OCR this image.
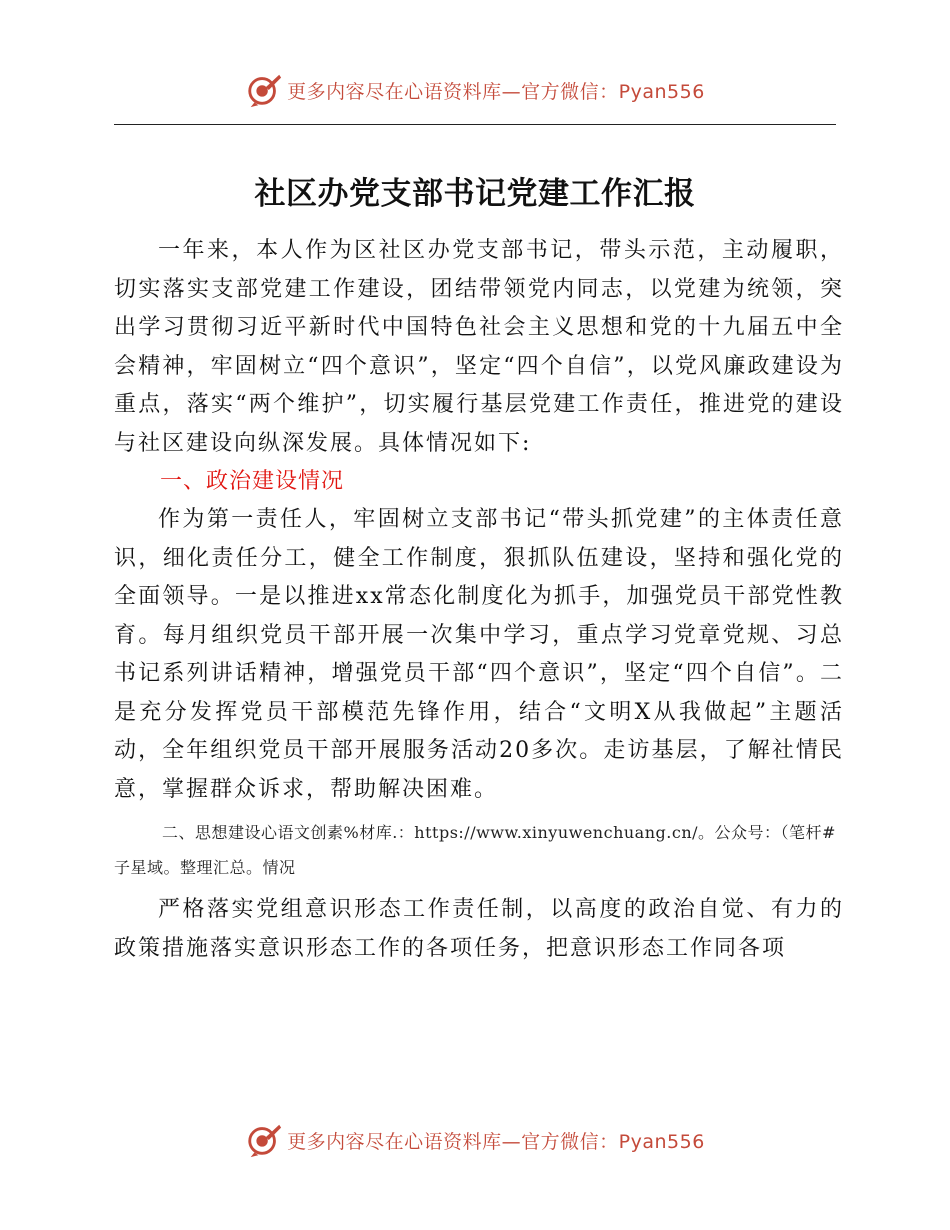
更多内容尽在心语资料库—官方微信：Pyan556
社区办党支部书记党建工作汇报

一年来，本人作为区社区办党支部书记，带头示范，主动履职，切实落实支部党建工作建设，团结带领党内同志，以党建为统领，突出学习贯彻习近平新时代中国特色社会主义思想和党的十九届五中全会精神，牢固树立“四个意识”，坚定“四个自信”，以党风廉政建设为重点，落实“两个维护”，切实履行基层党建工作责任，推进党的建设与社区建设向纵深发展。具体情况如下:

一、政治建设情况

作为第一责任人，牢固树立支部书记“带头抓党建”的主体责任意识，细化责任分工，健全工作制度，狠抓队伍建设，坚持和强化党的全面领导。一是以推进xx常态化制度化为抓手，加强党员干部党性教育。每月组织党员干部开展一次集中学习，重点学习党章党规、习总书记系列讲话精神，增强党员干部“四个意识”，坚定“四个自信”。二是充分发挥党员干部模范先锋作用，结合“文明X从我做起”主题活动，全年组织党员干部开展服务活动20多次。走访基层，了解社情民意，掌握群众诉求，帮助解决困难。

二、思想建设心语文创素%材库.：https://www.xinyuwenchuang.cn/。公众号：（笔杆#子星域。整理汇总。情况

严格落实党组意识形态工作责任制，以高度的政治自觉、有力的政策措施落实意识形态工作的各项任务，把意识形态工作同各项

更多内容尽在心语资料库—官方微信：Pyan556
